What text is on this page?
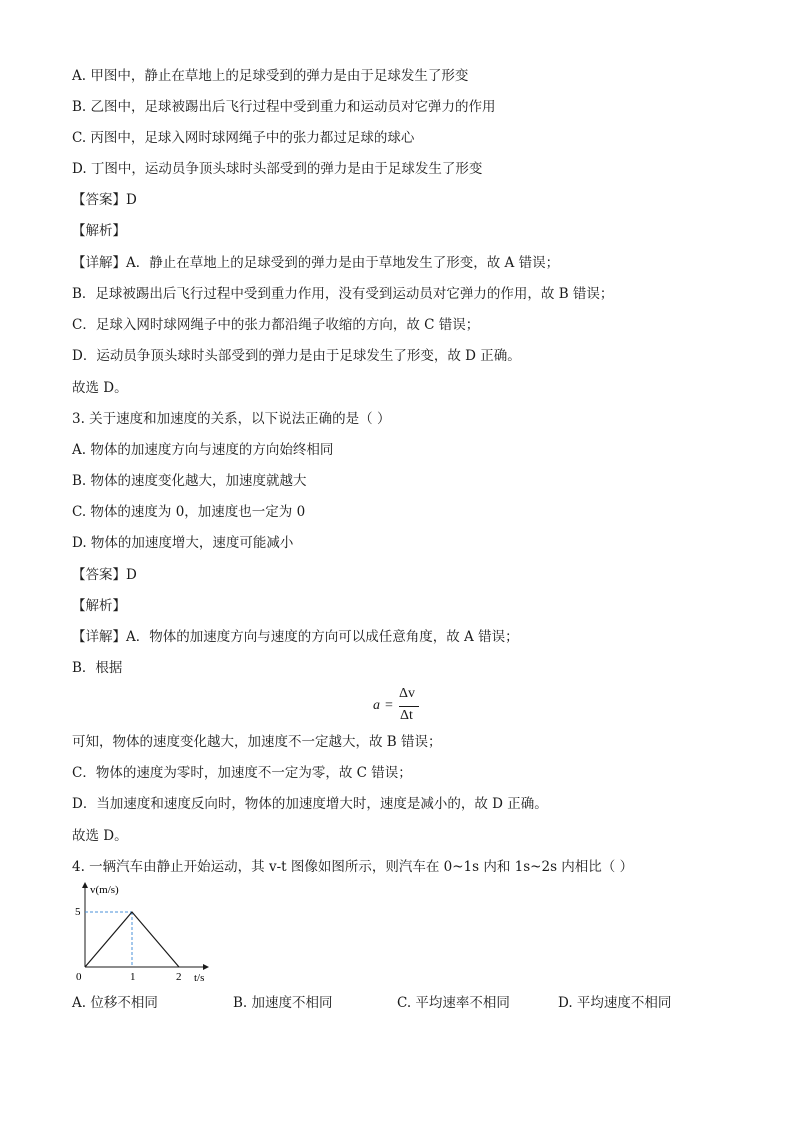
A. 甲图中，静止在草地上的足球受到的弹力是由于足球发生了形变
B. 乙图中，足球被踢出后飞行过程中受到重力和运动员对它弹力的作用
C. 丙图中，足球入网时球网绳子中的张力都过足球的球心
D. 丁图中，运动员争顶头球时头部受到的弹力是由于足球发生了形变
【答案】D
【解析】
【详解】A．静止在草地上的足球受到的弹力是由于草地发生了形变，故 A 错误；
B．足球被踢出后飞行过程中受到重力作用，没有受到运动员对它弹力的作用，故 B 错误；
C．足球入网时球网绳子中的张力都沿绳子收缩的方向，故 C 错误；
D．运动员争顶头球时头部受到的弹力是由于足球发生了形变，故 D 正确。
故选 D。
3. 关于速度和加速度的关系，以下说法正确的是（ ）
A. 物体的加速度方向与速度的方向始终相同
B. 物体的速度变化越大，加速度就越大
C. 物体的速度为 0，加速度也一定为 0
D. 物体的加速度增大，速度可能减小
【答案】D
【解析】
【详解】A．物体的加速度方向与速度的方向可以成任意角度，故 A 错误；
B．根据
a =
Δv
Δt
可知，物体的速度变化越大，加速度不一定越大，故 B 错误；
C．物体的速度为零时，加速度不一定为零，故 C 错误；
D．当加速度和速度反向时，物体的加速度增大时，速度是减小的，故 D 正确。
故选 D。
4. 一辆汽车由静止开始运动，其 v-t 图像如图所示，则汽车在 0~1s 内和 1s~2s 内相比（ ）
v(m/s)
t/s
0
5
1	2
A. 位移不相同	B. 加速度不相同	C. 平均速率不相同	D. 平均速度不相同
